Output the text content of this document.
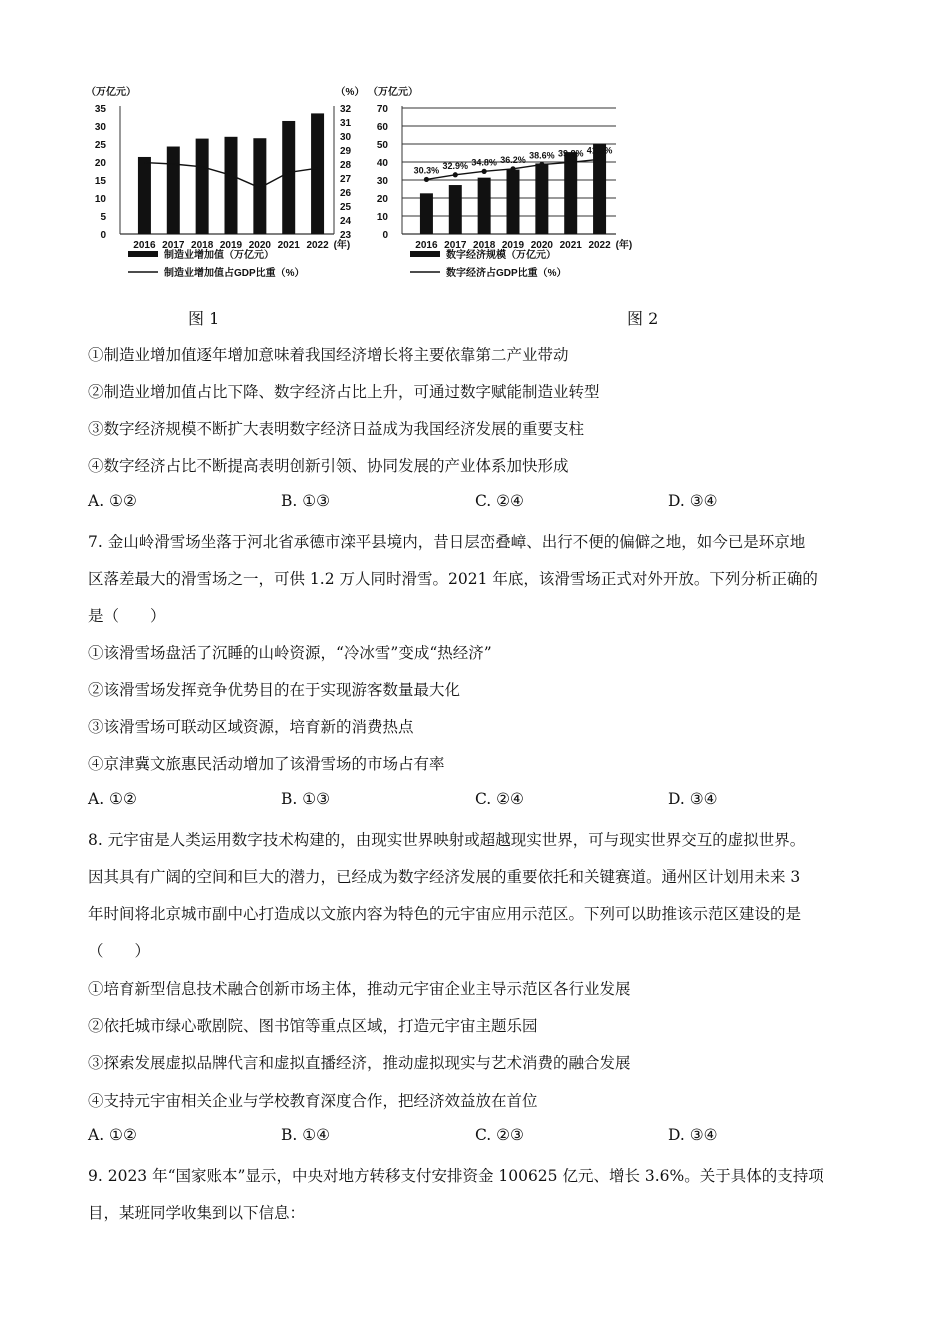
（万亿元）
0
5
10
15
20
25
30
35
（%）
23
24
25
26
27
28
29
30
31
32
2016 2017 2018 2019 2020 2021 2022 (年)
制造业增加值（万亿元）
制造业增加值占GDP比重（%）
（万亿元）
0
10
20
30
40
50
60
70
30.3% 32.9% 34.8% 36.2% 38.6% 39.8% 41.5%
2016 2017 2018 2019 2020 2021 2022 (年)
数字经济规模（万亿元）
数字经济占GDP比重（%）
图 1	图 2
①制造业增加值逐年增加意味着我国经济增长将主要依靠第二产业带动
②制造业增加值占比下降、数字经济占比上升，可通过数字赋能制造业转型
③数字经济规模不断扩大表明数字经济日益成为我国经济发展的重要支柱
④数字经济占比不断提高表明创新引领、协同发展的产业体系加快形成
A. ①②	B. ①③	C. ②④	D. ③④
7. 金山岭滑雪场坐落于河北省承德市滦平县境内，昔日层峦叠嶂、出行不便的偏僻之地，如今已是环京地
区落差最大的滑雪场之一，可供 1.2 万人同时滑雪。2021 年底，该滑雪场正式对外开放。下列分析正确的
是（　　）
①该滑雪场盘活了沉睡的山岭资源，“冷冰雪”变成“热经济”
②该滑雪场发挥竞争优势目的在于实现游客数量最大化
③该滑雪场可联动区域资源，培育新的消费热点
④京津冀文旅惠民活动增加了该滑雪场的市场占有率
A. ①②	B. ①③	C. ②④	D. ③④
8. 元宇宙是人类运用数字技术构建的，由现实世界映射或超越现实世界，可与现实世界交互的虚拟世界。
因其具有广阔的空间和巨大的潜力，已经成为数字经济发展的重要依托和关键赛道。通州区计划用未来 3
年时间将北京城市副中心打造成以文旅内容为特色的元宇宙应用示范区。下列可以助推该示范区建设的是
（　　）
①培育新型信息技术融合创新市场主体，推动元宇宙企业主导示范区各行业发展
②依托城市绿心歌剧院、图书馆等重点区域，打造元宇宙主题乐园
③探索发展虚拟品牌代言和虚拟直播经济，推动虚拟现实与艺术消费的融合发展
④支持元宇宙相关企业与学校教育深度合作，把经济效益放在首位
A. ①②	B. ①④	C. ②③	D. ③④
9. 2023 年“国家账本”显示，中央对地方转移支付安排资金 100625 亿元、增长 3.6%。关于具体的支持项
目，某班同学收集到以下信息：
